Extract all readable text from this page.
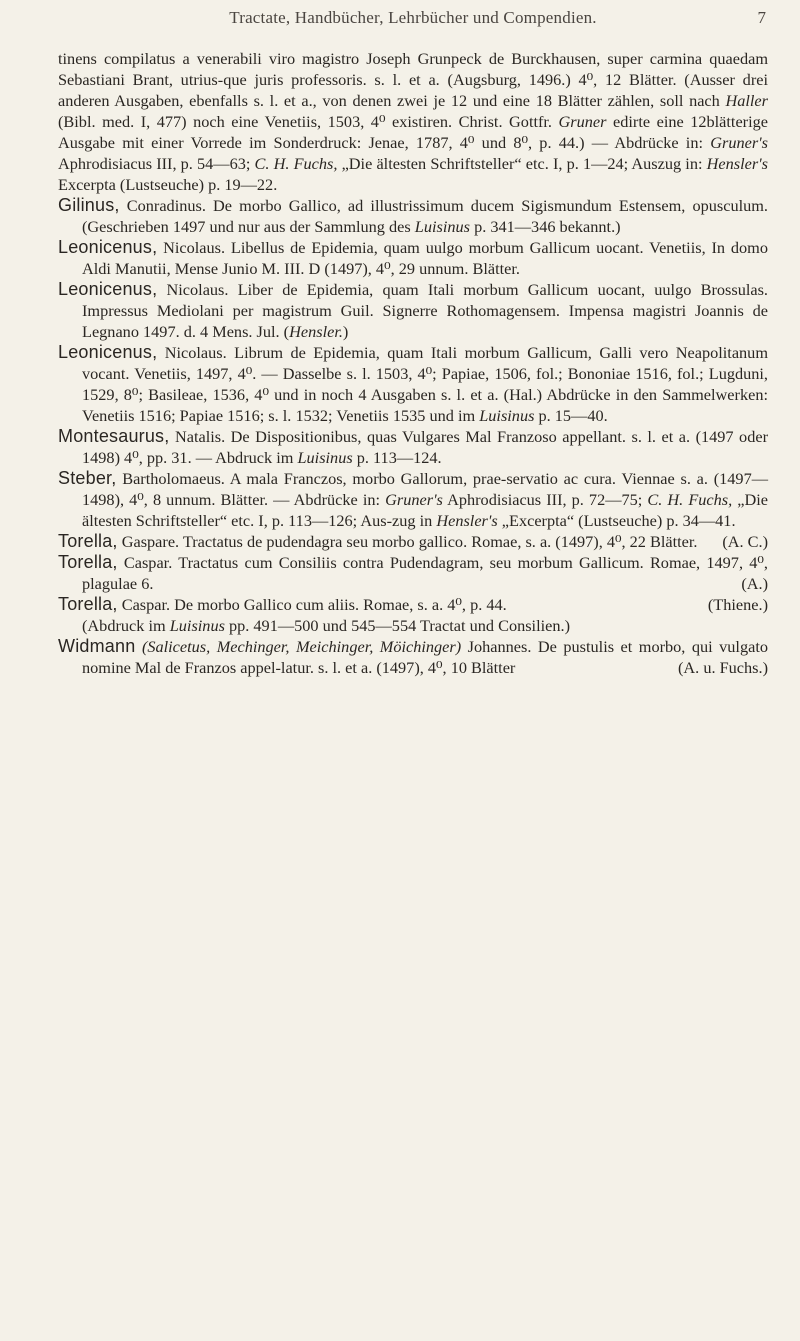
Tractate, Handbücher, Lehrbücher und Compendien.	7

tinens compilatus a venerabili viro magistro Joseph Grunpeck de Burckhausen, super carmina quaedam Sebastiani Brant, utrius-que juris professoris. s. l. et a. (Augsburg, 1496.) 4⁰, 12 Blätter. (Ausser drei anderen Ausgaben, ebenfalls s. l. et a., von denen zwei je 12 und eine 18 Blätter zählen, soll nach Haller (Bibl. med. I, 477) noch eine Venetiis, 1503, 4⁰ existiren. Christ. Gottfr. Gruner edirte eine 12blätterige Ausgabe mit einer Vorrede im Sonderdruck: Jenae, 1787, 4⁰ und 8⁰, p. 44.) — Abdrücke in: Gruner's Aphrodisiacus III, p. 54—63; C. H. Fuchs, „Die ältesten Schriftsteller“ etc. I, p. 1—24; Auszug in: Hensler's Excerpta (Lustseuche) p. 19—22.

Gilinus, Conradinus. De morbo Gallico, ad illustrissimum ducem Sigismundum Estensem, opusculum. (Geschrieben 1497 und nur aus der Sammlung des Luisinus p. 341—346 bekannt.)

Leonicenus, Nicolaus. Libellus de Epidemia, quam uulgo morbum Gallicum uocant. Venetiis, In domo Aldi Manutii, Mense Junio M. III. D (1497), 4⁰, 29 unnum. Blätter.

Leonicenus, Nicolaus. Liber de Epidemia, quam Itali morbum Gallicum uocant, uulgo Brossulas. Impressus Mediolani per magistrum Guil. Signerre Rothomagensem. Impensa magistri Joannis de Legnano 1497. d. 4 Mens. Jul. (Hensler.)

Leonicenus, Nicolaus. Librum de Epidemia, quam Itali morbum Gallicum, Galli vero Neapolitanum vocant. Venetiis, 1497, 4⁰. — Dasselbe s. l. 1503, 4⁰; Papiae, 1506, fol.; Bononiae 1516, fol.; Lugduni, 1529, 8⁰; Basileae, 1536, 4⁰ und in noch 4 Ausgaben s. l. et a. (Hal.) Abdrücke in den Sammelwerken: Venetiis 1516; Papiae 1516; s. l. 1532; Venetiis 1535 und im Luisinus p. 15—40.

Montesaurus, Natalis. De Dispositionibus, quas Vulgares Mal Franzoso appellant. s. l. et a. (1497 oder 1498) 4⁰, pp. 31. — Abdruck im Luisinus p. 113—124.

Steber, Bartholomaeus. A mala Franczos, morbo Gallorum, prae-servatio ac cura. Viennae s. a. (1497—1498), 4⁰, 8 unnum. Blätter. — Abdrücke in: Gruner's Aphrodisiacus III, p. 72—75; C. H. Fuchs, „Die ältesten Schriftsteller“ etc. I, p. 113—126; Aus-zug in Hensler's „Excerpta“ (Lustseuche) p. 34—41.

Torella, Gaspare. Tractatus de pudendagra seu morbo gallico. Romae, s. a. (1497), 4⁰, 22 Blätter. (A. C.)

Torella, Caspar. Tractatus cum Consiliis contra Pudendagram, seu morbum Gallicum. Romae, 1497, 4⁰, plagulae 6.	(A.)

Torella, Caspar. De morbo Gallico cum aliis. Romae, s. a. 4⁰, p. 44.	(Thiene.)

(Abdruck im Luisinus pp. 491—500 und 545—554 Tractat und Consilien.)

Widmann (Salicetus, Mechinger, Meichinger, Möichinger) Johannes. De pustulis et morbo, qui vulgato nomine Mal de Franzos appel-latur. s. l. et a. (1497), 4⁰, 10 Blätter	(A. u. Fuchs.)
